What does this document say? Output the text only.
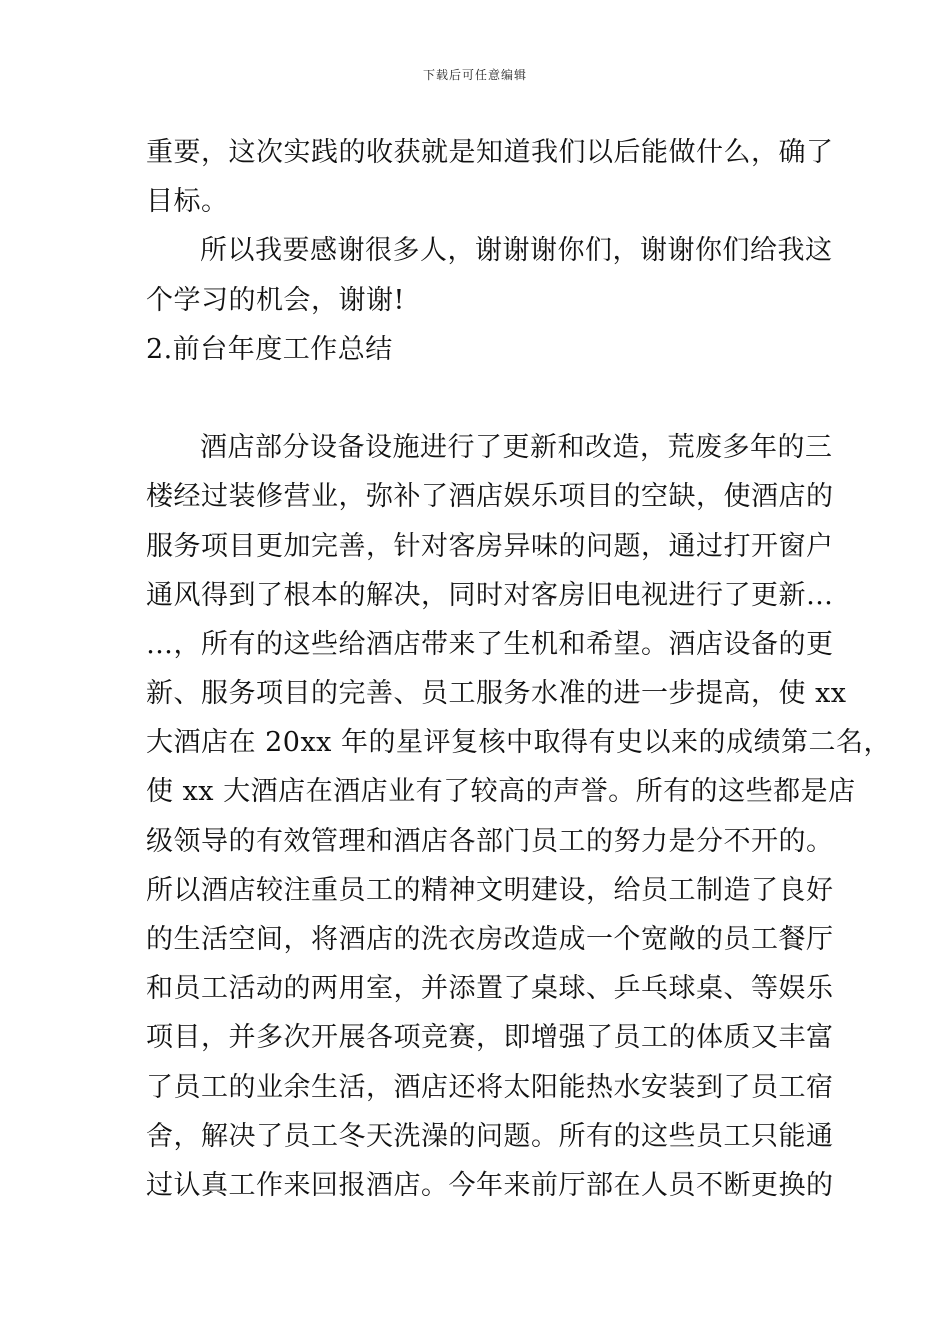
下载后可任意编辑
重要，这次实践的收获就是知道我们以后能做什么，确了
目标。
所以我要感谢很多人，谢谢谢你们，谢谢你们给我这
个学习的机会，谢谢!
2.前台年度工作总结
酒店部分设备设施进行了更新和改造，荒废多年的三
楼经过装修营业，弥补了酒店娱乐项目的空缺，使酒店的
服务项目更加完善，针对客房异味的问题，通过打开窗户
通风得到了根本的解决，同时对客房旧电视进行了更新…
…，所有的这些给酒店带来了生机和希望。酒店设备的更
新、服务项目的完善、员工服务水准的进一步提高，使 xx
大酒店在 20xx 年的星评复核中取得有史以来的成绩第二名，
使 xx 大酒店在酒店业有了较高的声誉。所有的这些都是店
级领导的有效管理和酒店各部门员工的努力是分不开的。
所以酒店较注重员工的精神文明建设，给员工制造了良好
的生活空间，将酒店的洗衣房改造成一个宽敞的员工餐厅
和员工活动的两用室，并添置了桌球、乒乓球桌、等娱乐
项目，并多次开展各项竞赛，即增强了员工的体质又丰富
了员工的业余生活，酒店还将太阳能热水安装到了员工宿
舍，解决了员工冬天洗澡的问题。所有的这些员工只能通
过认真工作来回报酒店。今年来前厅部在人员不断更换的
